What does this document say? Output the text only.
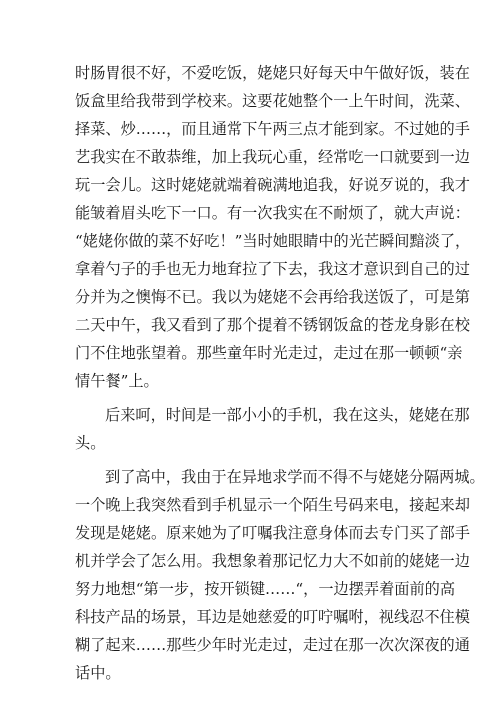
时肠胃很不好，不爱吃饭，姥姥只好每天中午做好饭，装在
饭盒里给我带到学校来。这要花她整个一上午时间，洗菜、
择菜、炒……，而且通常下午两三点才能到家。不过她的手
艺我实在不敢恭维，加上我玩心重，经常吃一口就要到一边
玩一会儿。这时姥姥就端着碗满地追我，好说歹说的，我才
能皱着眉头吃下一口。有一次我实在不耐烦了，就大声说：
“姥姥你做的菜不好吃！”当时她眼睛中的光芒瞬间黯淡了，
拿着勺子的手也无力地耷拉了下去，我这才意识到自己的过
分并为之懊悔不已。我以为姥姥不会再给我送饭了，可是第
二天中午，我又看到了那个提着不锈钢饭盒的苍龙身影在校
门不住地张望着。那些童年时光走过，走过在那一顿顿“亲
情午餐”上。
后来呵，时间是一部小小的手机，我在这头，姥姥在那
头。
到了高中，我由于在异地求学而不得不与姥姥分隔两城。
一个晚上我突然看到手机显示一个陌生号码来电，接起来却
发现是姥姥。原来她为了叮嘱我注意身体而去专门买了部手
机并学会了怎么用。我想象着那记忆力大不如前的姥姥一边
努力地想“第一步，按开锁键……“，一边摆弄着面前的高
科技产品的场景，耳边是她慈爱的叮咛嘱咐，视线忍不住模
糊了起来……那些少年时光走过，走过在那一次次深夜的通
话中。
